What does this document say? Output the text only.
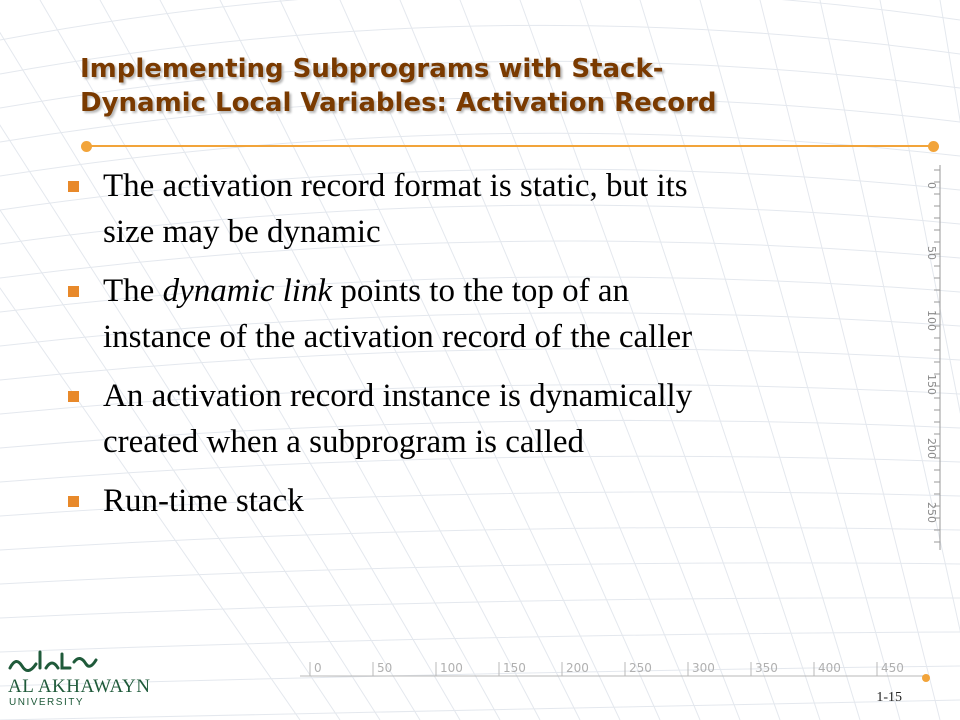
0
50
100
150
200
250
0	50	100	150	200	250	300	350	400	450
Implementing Subprograms with Stack-
Dynamic Local Variables: Activation Record
The activation record format is static, but its
size may be dynamic
The dynamic link points to the top of an
instance of the activation record of the caller
An activation record instance is dynamically
created when a subprogram is called
Run-time stack
AL AKHAWAYN
UNIVERSITY	1-15
